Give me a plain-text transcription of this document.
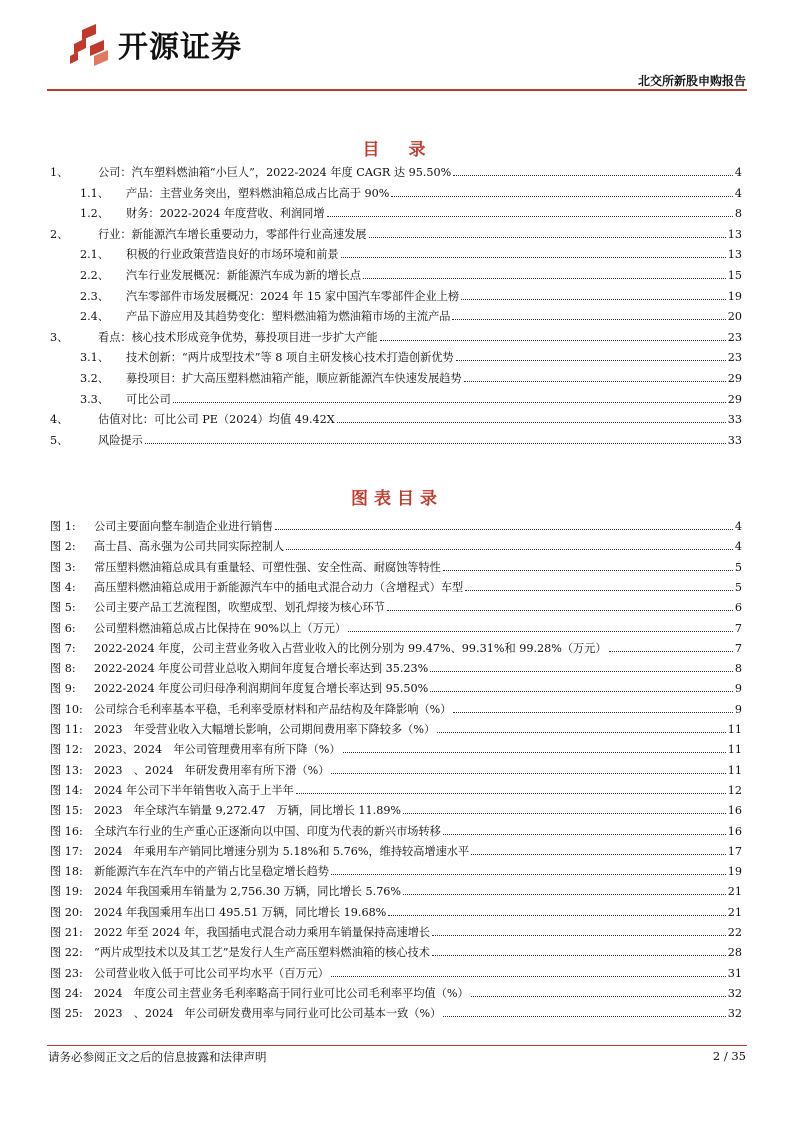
开源证券
北交所新股申购报告
目　录
1、	公司：汽车塑料燃油箱“小巨人”，2022-2024 年度 CAGR 达 95.50%	4
1.1、	产品：主营业务突出，塑料燃油箱总成占比高于 90%	4
1.2、	财务：2022-2024 年度营收、利润同增	8
2、	行业：新能源汽车增长重要动力，零部件行业高速发展	13
2.1、	积极的行业政策营造良好的市场环境和前景	13
2.2、	汽车行业发展概况：新能源汽车成为新的增长点	15
2.3、	汽车零部件市场发展概况：2024 年 15 家中国汽车零部件企业上榜	19
2.4、	产品下游应用及其趋势变化：塑料燃油箱为燃油箱市场的主流产品	20
3、	看点：核心技术形成竞争优势，募投项目进一步扩大产能	23
3.1、	技术创新：“两片成型技术”等 8 项自主研发核心技术打造创新优势	23
3.2、	募投项目：扩大高压塑料燃油箱产能，顺应新能源汽车快速发展趋势	29
3.3、	可比公司	29
4、	估值对比：可比公司 PE（2024）均值 49.42X	33
5、	风险提示	33
图表目录
图 1:	公司主要面向整车制造企业进行销售	4
图 2:	高士昌、高永强为公司共同实际控制人	4
图 3:	常压塑料燃油箱总成具有重量轻、可塑性强、安全性高、耐腐蚀等特性	5
图 4:	高压塑料燃油箱总成用于新能源汽车中的插电式混合动力（含增程式）车型	5
图 5:	公司主要产品工艺流程图，吹塑成型、划孔焊接为核心环节	6
图 6:	公司塑料燃油箱总成占比保持在 90%以上（万元）	7
图 7:	2022-2024 年度，公司主营业务收入占营业收入的比例分别为 99.47%、99.31%和 99.28%（万元）	7
图 8:	2022-2024 年度公司营业总收入期间年度复合增长率达到 35.23%	8
图 9:	2022-2024 年度公司归母净利润期间年度复合增长率达到 95.50%	9
图 10:	公司综合毛利率基本平稳，毛利率受原材料和产品结构及年降影响（%）	9
图 11:	2023　年受营业收入大幅增长影响，公司期间费用率下降较多（%）	11
图 12:	2023、2024　年公司管理费用率有所下降（%）	11
图 13:	2023　、2024　年研发费用率有所下滑（%）	11
图 14:	2024 年公司下半年销售收入高于上半年	12
图 15:	2023　年全球汽车销量 9,272.47　万辆，同比增长 11.89%	16
图 16:	全球汽车行业的生产重心正逐渐向以中国、印度为代表的新兴市场转移	16
图 17:	2024　年乘用车产销同比增速分别为 5.18%和 5.76%，维持较高增速水平	17
图 18:	新能源汽车在汽车中的产销占比呈稳定增长趋势	19
图 19:	2024 年我国乘用车销量为 2,756.30 万辆，同比增长 5.76%	21
图 20:	2024 年我国乘用车出口 495.51 万辆，同比增长 19.68%	21
图 21:	2022 年至 2024 年，我国插电式混合动力乘用车销量保持高速增长	22
图 22:	“两片成型技术以及其工艺”是发行人生产高压塑料燃油箱的核心技术	28
图 23:	公司营业收入低于可比公司平均水平（百万元）	31
图 24:	2024　年度公司主营业务毛利率略高于同行业可比公司毛利率平均值（%）	32
图 25:	2023　、2024　年公司研发费用率与同行业可比公司基本一致（%）	32
请务必参阅正文之后的信息披露和法律声明	2 / 35
